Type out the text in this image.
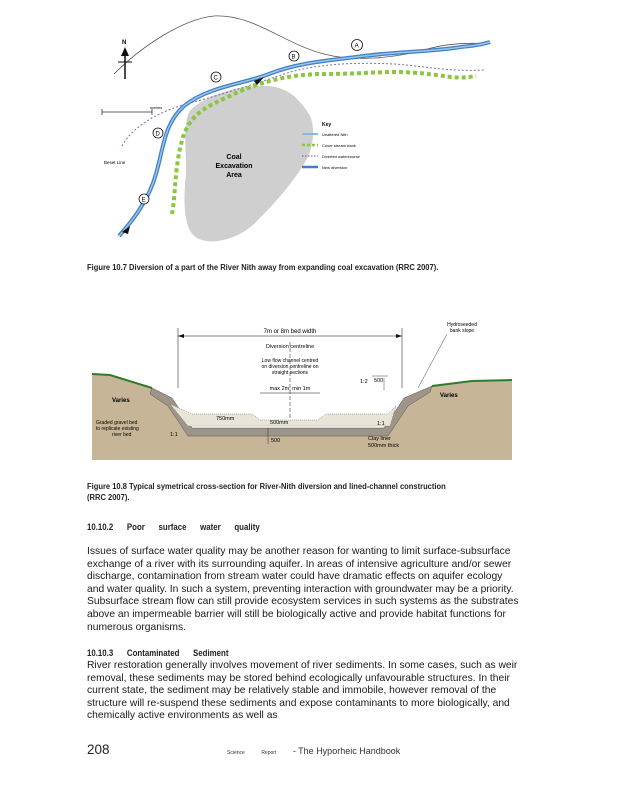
N
metres
A
B
C
D
E
Beset Line
Coal
Excavation
Area
Key
Unaltered Nith
Cover stream bank
Diverted watercourse
New diversion
Figure 10.7 Diversion of a part of the River Nith away from expanding coal excavation (RRC 2007).
7m or 8m bed width
Diversion centreline
Low flow channel centred
on diversion centreline on
straight sections
max 2m, min 1m
Hydroseeded
bank slope
1:2 500
Varies
Varies
Graded gravel bed
to replicate existing
river bed	1:1
750mm
500mm	1:1
500	Clay liner
500mm thick
Figure 10.8 Typical symetrical cross-section for River-Nith diversion and lined-channel construction (RRC 2007).
10.10.2 Poor surface water quality
Issues of surface water quality may be another reason for wanting to limit surface-subsurface exchange of a river with its surrounding aquifer. In areas of intensive agriculture and/or sewer discharge, contamination from stream water could have dramatic effects on aquifer ecology and water quality. In such a system, preventing interaction with groundwater may be a priority. Subsurface stream flow can still provide ecosystem services in such systems as the substrates above an impermeable barrier will still be biologically active and provide habitat functions for numerous organisms.
10.10.3 Contaminated Sediment
River restoration generally involves movement of river sediments. In some cases, such as weir removal, these sediments may be stored behind ecologically unfavourable structures. In their current state, the sediment may be relatively stable and immobile, however removal of the structure will re-suspend these sediments and expose contaminants to more biologically, and chemically active environments as well as
208	Science	Report - The Hyporheic Handbook
